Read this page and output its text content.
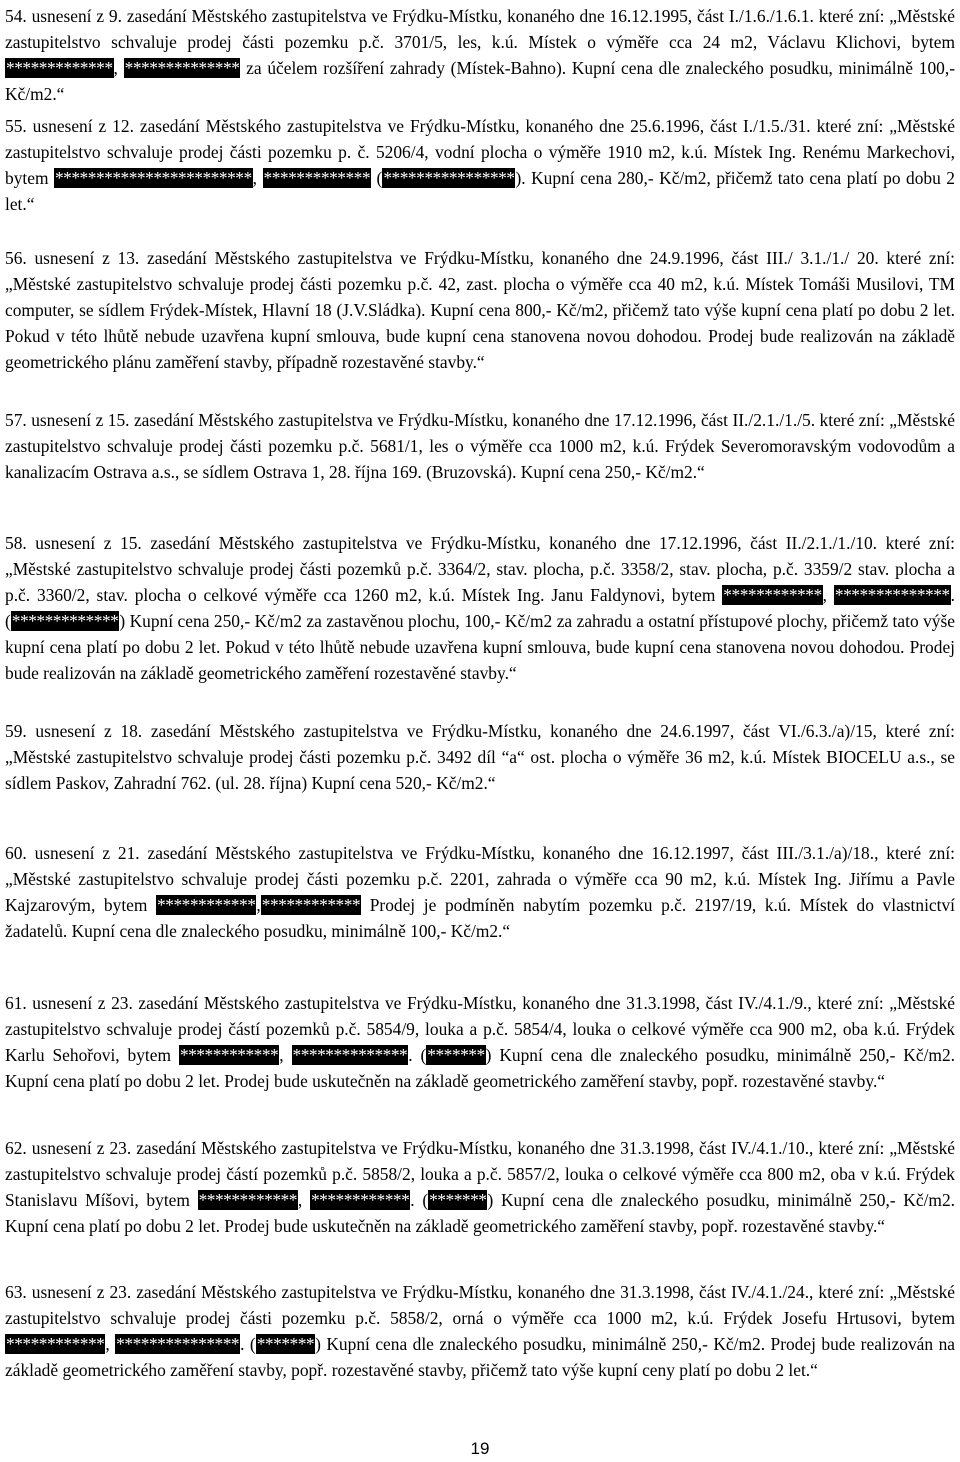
54. usnesení z 9. zasedání Městského zastupitelstva ve Frýdku-Místku, konaného dne 16.12.1995, část I./1.6./1.6.1. které zní: „Městské zastupitelstvo schvaluje prodej části pozemku p.č. 3701/5, les, k.ú. Místek o výměře cca 24 m2, Václavu Klichovi, bytem *************, ************** za účelem rozšíření zahrady (Místek-Bahno). Kupní cena dle znaleckého posudku, minimálně 100,- Kč/m2.“

55. usnesení z 12. zasedání Městského zastupitelstva ve Frýdku-Místku, konaného dne 25.6.1996, část I./1.5./31. které zní: „Městské zastupitelstvo schvaluje prodej části pozemku p. č. 5206/4, vodní plocha o výměře 1910 m2, k.ú. Místek Ing. Renému Markechovi, bytem ************************, ************* (****************). Kupní cena 280,- Kč/m2, přičemž tato cena platí po dobu 2 let.“

56. usnesení z 13. zasedání Městského zastupitelstva ve Frýdku-Místku, konaného dne 24.9.1996, část III./ 3.1./1./ 20. které zní: „Městské zastupitelstvo schvaluje prodej části pozemku p.č. 42, zast. plocha o výměře cca 40 m2, k.ú. Místek Tomáši Musilovi, TM computer, se sídlem Frýdek-Místek, Hlavní 18 (J.V.Sládka). Kupní cena 800,- Kč/m2, přičemž tato výše kupní cena platí po dobu 2 let. Pokud v této lhůtě nebude uzavřena kupní smlouva, bude kupní cena stanovena novou dohodou. Prodej bude realizován na základě geometrického plánu zaměření stavby, případně rozestavěné stavby.“

57. usnesení z 15. zasedání Městského zastupitelstva ve Frýdku-Místku, konaného dne 17.12.1996, část II./2.1./1./5. které zní: „Městské zastupitelstvo schvaluje prodej části pozemku p.č. 5681/1, les o výměře cca 1000 m2, k.ú. Frýdek Severomoravským vodovodům a kanalizacím Ostrava a.s., se sídlem Ostrava 1, 28. října 169. (Bruzovská). Kupní cena 250,- Kč/m2.“

58. usnesení z 15. zasedání Městského zastupitelstva ve Frýdku-Místku, konaného dne 17.12.1996, část II./2.1./1./10. které zní: „Městské zastupitelstvo schvaluje prodej části pozemků p.č. 3364/2, stav. plocha, p.č. 3358/2, stav. plocha, p.č. 3359/2 stav. plocha a p.č. 3360/2, stav. plocha o celkové výměře cca 1260 m2, k.ú. Místek Ing. Janu Faldynovi, bytem ************, **************. (*************) Kupní cena 250,- Kč/m2 za zastavěnou plochu, 100,- Kč/m2 za zahradu a ostatní přístupové plochy, přičemž tato výše kupní cena platí po dobu 2 let. Pokud v této lhůtě nebude uzavřena kupní smlouva, bude kupní cena stanovena novou dohodou. Prodej bude realizován na základě geometrického zaměření rozestavěné stavby.“

59. usnesení z 18. zasedání Městského zastupitelstva ve Frýdku-Místku, konaného dne 24.6.1997, část VI./6.3./a)/15, které zní: „Městské zastupitelstvo schvaluje prodej části pozemku p.č. 3492 díl “a“ ost. plocha o výměře 36 m2, k.ú. Místek BIOCELU a.s., se sídlem Paskov, Zahradní 762. (ul. 28. října) Kupní cena 520,- Kč/m2.“

60. usnesení z 21. zasedání Městského zastupitelstva ve Frýdku-Místku, konaného dne 16.12.1997, část III./3.1./a)/18., které zní: „Městské zastupitelstvo schvaluje prodej části pozemku p.č. 2201, zahrada o výměře cca 90 m2, k.ú. Místek Ing. Jiřímu a Pavle Kajzarovým, bytem ************,************ Prodej je podmíněn nabytím pozemku p.č. 2197/19, k.ú. Místek do vlastnictví žadatelů. Kupní cena dle znaleckého posudku, minimálně 100,- Kč/m2.“

61. usnesení z 23. zasedání Městského zastupitelstva ve Frýdku-Místku, konaného dne 31.3.1998, část IV./4.1./9., které zní: „Městské zastupitelstvo schvaluje prodej částí pozemků p.č. 5854/9, louka a p.č. 5854/4, louka o celkové výměře cca 900 m2, oba k.ú. Frýdek Karlu Sehořovi, bytem ************, **************. (*******) Kupní cena dle znaleckého posudku, minimálně 250,- Kč/m2. Kupní cena platí po dobu 2 let. Prodej bude uskutečněn na základě geometrického zaměření stavby, popř. rozestavěné stavby.“

62. usnesení z 23. zasedání Městského zastupitelstva ve Frýdku-Místku, konaného dne 31.3.1998, část IV./4.1./10., které zní: „Městské zastupitelstvo schvaluje prodej částí pozemků p.č. 5858/2, louka a p.č. 5857/2, louka o celkové výměře cca 800 m2, oba v k.ú. Frýdek Stanislavu Míšovi, bytem ************, ************. (*******) Kupní cena dle znaleckého posudku, minimálně 250,- Kč/m2. Kupní cena platí po dobu 2 let. Prodej bude uskutečněn na základě geometrického zaměření stavby, popř. rozestavěné stavby.“

63. usnesení z 23. zasedání Městského zastupitelstva ve Frýdku-Místku, konaného dne 31.3.1998, část IV./4.1./24., které zní: „Městské zastupitelstvo schvaluje prodej části pozemku p.č. 5858/2, orná o výměře cca 1000 m2, k.ú. Frýdek Josefu Hrtusovi, bytem ************, ***************. (*******) Kupní cena dle znaleckého posudku, minimálně 250,- Kč/m2. Prodej bude realizován na základě geometrického zaměření stavby, popř. rozestavěné stavby, přičemž tato výše kupní ceny platí po dobu 2 let.“

19
